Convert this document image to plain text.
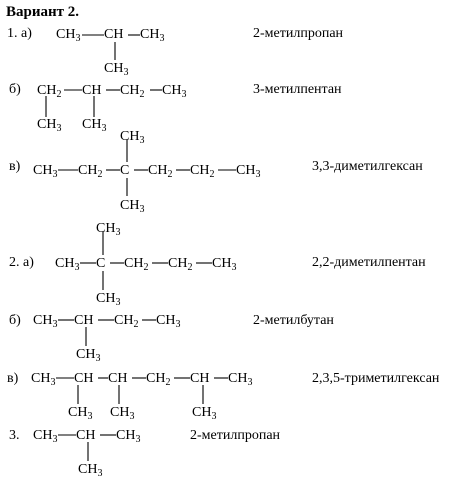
Вариант 2.
1. а)	2-метилпропан
$CH_3$ CH $CH_3$
$CH_3$
б)	3-метилпентан
$CH_2$ CH $CH_2$ $CH_3$
$CH_3$ $CH_3$
в)	3,3-диметилгексан
$CH_3$ $CH_2$ C $CH_2$ $CH_2$ $CH_3$
$CH_3$
$CH_3$
2. а)	2,2-диметилпентан
$CH_3$ C $CH_2$ $CH_2$ $CH_3$
$CH_3$
$CH_3$
б)	2-метилбутан
$CH_3$ CH $CH_2$ $CH_3$
$CH_3$
в)	2,3,5-триметилгексан
$CH_3$ CH CH $CH_2$ CH $CH_3$
$CH_3$ $CH_3$	$CH_3$
3.	2-метилпропан
$CH_3$ CH $CH_3$
$CH_3$
